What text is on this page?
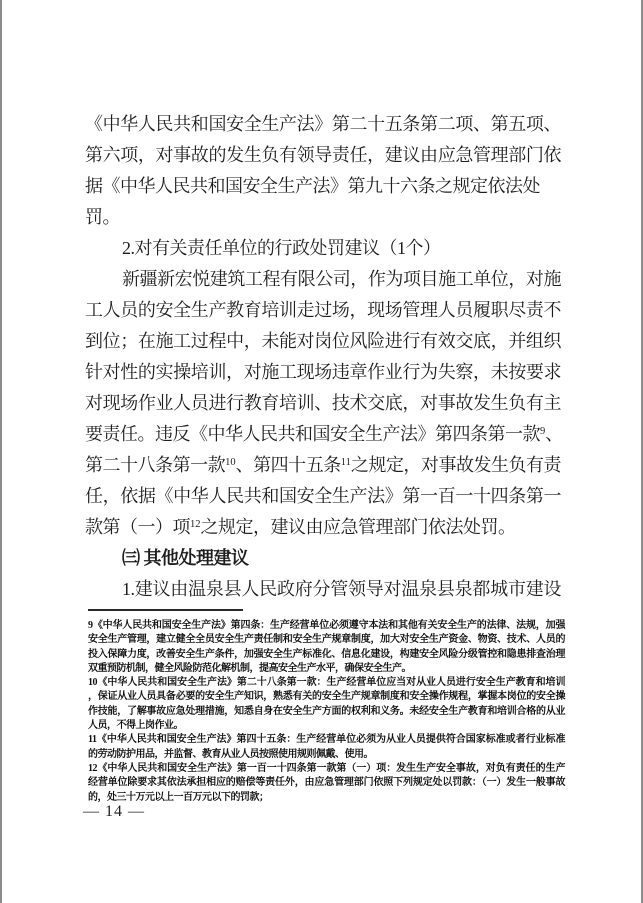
《中华人民共和国安全生产法》第二十五条第二项、第五项、
第六项，对事故的发生负有领导责任，建议由应急管理部门依
据《中华人民共和国安全生产法》第九十六条之规定依法处
罚。
2.对有关责任单位的行政处罚建议（1个）
新疆新宏悦建筑工程有限公司，作为项目施工单位，对施
工人员的安全生产教育培训走过场，现场管理人员履职尽责不
到位；在施工过程中，未能对岗位风险进行有效交底，并组织
针对性的实操培训，对施工现场违章作业行为失察，未按要求
对现场作业人员进行教育培训、技术交底，对事故发生负有主
要责任。违反《中华人民共和国安全生产法》第四条第一款$^9$、
第二十八条第一款$^{10}$、第四十五条$^{11}$之规定，对事故发生负有责
任，依据《中华人民共和国安全生产法》第一百一十四条第一
款第（一）项$^{12}$之规定，建议由应急管理部门依法处罚。
㈢ 其他处理建议
1.建议由温泉县人民政府分管领导对温泉县泉都城市建设
9《中华人民共和国安全生产法》第四条：生产经营单位必须遵守本法和其他有关安全生产的法律、法规，加强
安全生产管理，建立健全全员安全生产责任制和安全生产规章制度，加大对安全生产资金、物资、技术、人员的
投入保障力度，改善安全生产条件，加强安全生产标准化、信息化建设，构建安全风险分级管控和隐患排查治理
双重预防机制，健全风险防范化解机制，提高安全生产水平，确保安全生产。
10《中华人民共和国安全生产法》第二十八条第一款：生产经营单位应当对从业人员进行安全生产教育和培训
，保证从业人员具备必要的安全生产知识，熟悉有关的安全生产规章制度和安全操作规程，掌握本岗位的安全操
作技能，了解事故应急处理措施，知悉自身在安全生产方面的权利和义务。未经安全生产教育和培训合格的从业
人员，不得上岗作业。
11《中华人民共和国安全生产法》第四十五条：生产经营单位必须为从业人员提供符合国家标准或者行业标准
的劳动防护用品，并监督、教育从业人员按照使用规则佩戴、使用。
12《中华人民共和国安全生产法》第一百一十四条第一款第（一）项：发生生产安全事故，对负有责任的生产
经营单位除要求其依法承担相应的赔偿等责任外，由应急管理部门依照下列规定处以罚款：（一）发生一般事故
的，处三十万元以上一百万元以下的罚款；
— 14 —
